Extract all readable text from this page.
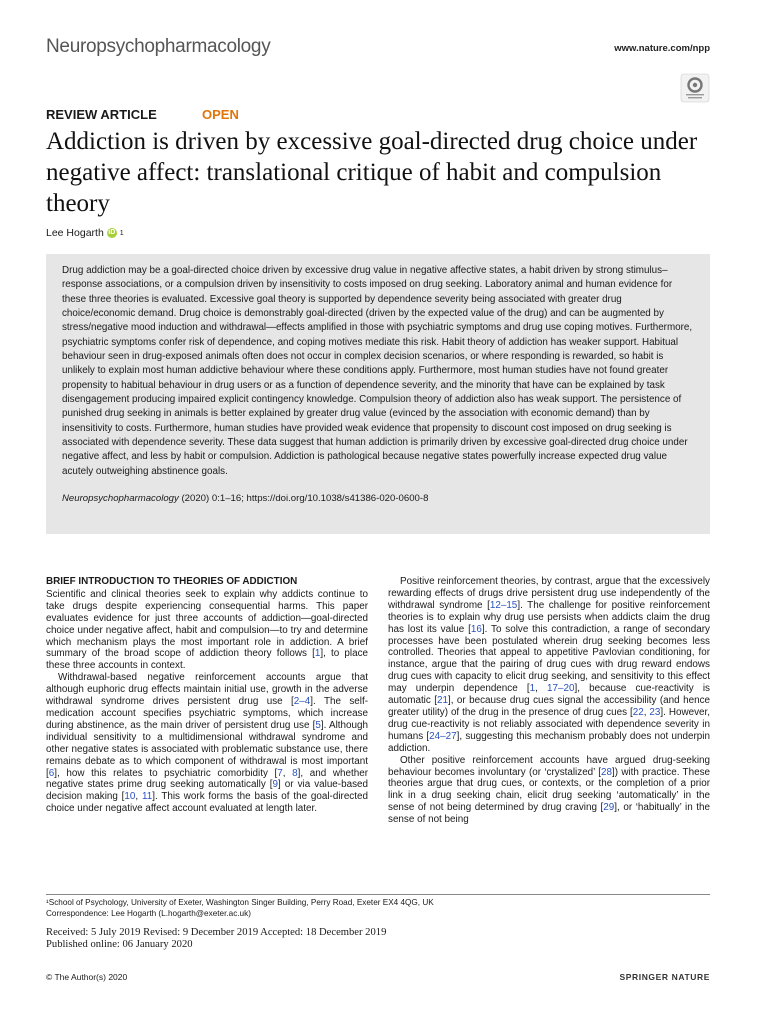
Neuropsychopharmacology	www.nature.com/npp
REVIEW ARTICLE	OPEN
Addiction is driven by excessive goal-directed drug choice under negative affect: translational critique of habit and compulsion theory
Lee Hogarth iD 1

Drug addiction may be a goal-directed choice driven by excessive drug value in negative affective states, a habit driven by strong stimulus–response associations, or a compulsion driven by insensitivity to costs imposed on drug seeking. Laboratory animal and human evidence for these three theories is evaluated. Excessive goal theory is supported by dependence severity being associated with greater drug choice/economic demand. Drug choice is demonstrably goal-directed (driven by the expected value of the drug) and can be augmented by stress/negative mood induction and withdrawal—effects amplified in those with psychiatric symptoms and drug use coping motives. Furthermore, psychiatric symptoms confer risk of dependence, and coping motives mediate this risk. Habit theory of addiction has weaker support. Habitual behaviour seen in drug-exposed animals often does not occur in complex decision scenarios, or where responding is rewarded, so habit is unlikely to explain most human addictive behaviour where these conditions apply. Furthermore, most human studies have not found greater propensity to habitual behaviour in drug users or as a function of dependence severity, and the minority that have can be explained by task disengagement producing impaired explicit contingency knowledge. Compulsion theory of addiction also has weak support. The persistence of punished drug seeking in animals is better explained by greater drug value (evinced by the association with economic demand) than by insensitivity to costs. Furthermore, human studies have provided weak evidence that propensity to discount cost imposed on drug seeking is associated with dependence severity. These data suggest that human addiction is primarily driven by excessive goal-directed drug choice under negative affect, and less by habit or compulsion. Addiction is pathological because negative states powerfully increase expected drug value acutely outweighing abstinence goals.

Neuropsychopharmacology (2020) 0:1–16; https://doi.org/10.1038/s41386-020-0600-8
BRIEF INTRODUCTION TO THEORIES OF ADDICTION

Scientific and clinical theories seek to explain why addicts continue to take drugs despite experiencing consequential harms. This paper evaluates evidence for just three accounts of addiction—goal-directed choice under negative affect, habit and compulsion—to try and determine which mechanism plays the most important role in addiction. A brief summary of the broad scope of addiction theory follows [1], to place these three accounts in context.

Withdrawal-based negative reinforcement accounts argue that although euphoric drug effects maintain initial use, growth in the adverse withdrawal syndrome drives persistent drug use [2–4]. The self-medication account specifies psychiatric symptoms, which increase during abstinence, as the main driver of persistent drug use [5]. Although individual sensitivity to a multidimensional withdrawal syndrome and other negative states is associated with problematic substance use, there remains debate as to which component of withdrawal is most important [6], how this relates to psychiatric comorbidity [7, 8], and whether negative states prime drug seeking automatically [9] or via value-based decision making [10, 11]. This work forms the basis of the goal-directed choice under negative affect account evaluated at length later.

Positive reinforcement theories, by contrast, argue that the excessively rewarding effects of drugs drive persistent drug use independently of the withdrawal syndrome [12–15]. The challenge for positive reinforcement theories is to explain why drug use persists when addicts claim the drug has lost its value [16]. To solve this contradiction, a range of secondary processes have been postulated wherein drug seeking becomes less controlled. Theories that appeal to appetitive Pavlovian conditioning, for instance, argue that the pairing of drug cues with drug reward endows drug cues with capacity to elicit drug seeking, and sensitivity to this effect may underpin dependence [1, 17–20], because cue-reactivity is automatic [21], or because drug cues signal the accessibility (and hence greater utility) of the drug in the presence of drug cues [22, 23]. However, drug cue-reactivity is not reliably associated with dependence severity in humans [24–27], suggesting this mechanism probably does not underpin addiction.

Other positive reinforcement accounts have argued drug-seeking behaviour becomes involuntary (or ‘crystalized’ [28]) with practice. These theories argue that drug cues, or contexts, or the completion of a prior link in a drug seeking chain, elicit drug seeking ‘automatically’ in the sense of not being determined by drug craving [29], or ‘habitually’ in the sense of not being

¹School of Psychology, University of Exeter, Washington Singer Building, Perry Road, Exeter EX4 4QG, UK
Correspondence: Lee Hogarth (L.hogarth@exeter.ac.uk)
Received: 5 July 2019 Revised: 9 December 2019 Accepted: 18 December 2019
Published online: 06 January 2020
© The Author(s) 2020	SPRINGER NATURE
